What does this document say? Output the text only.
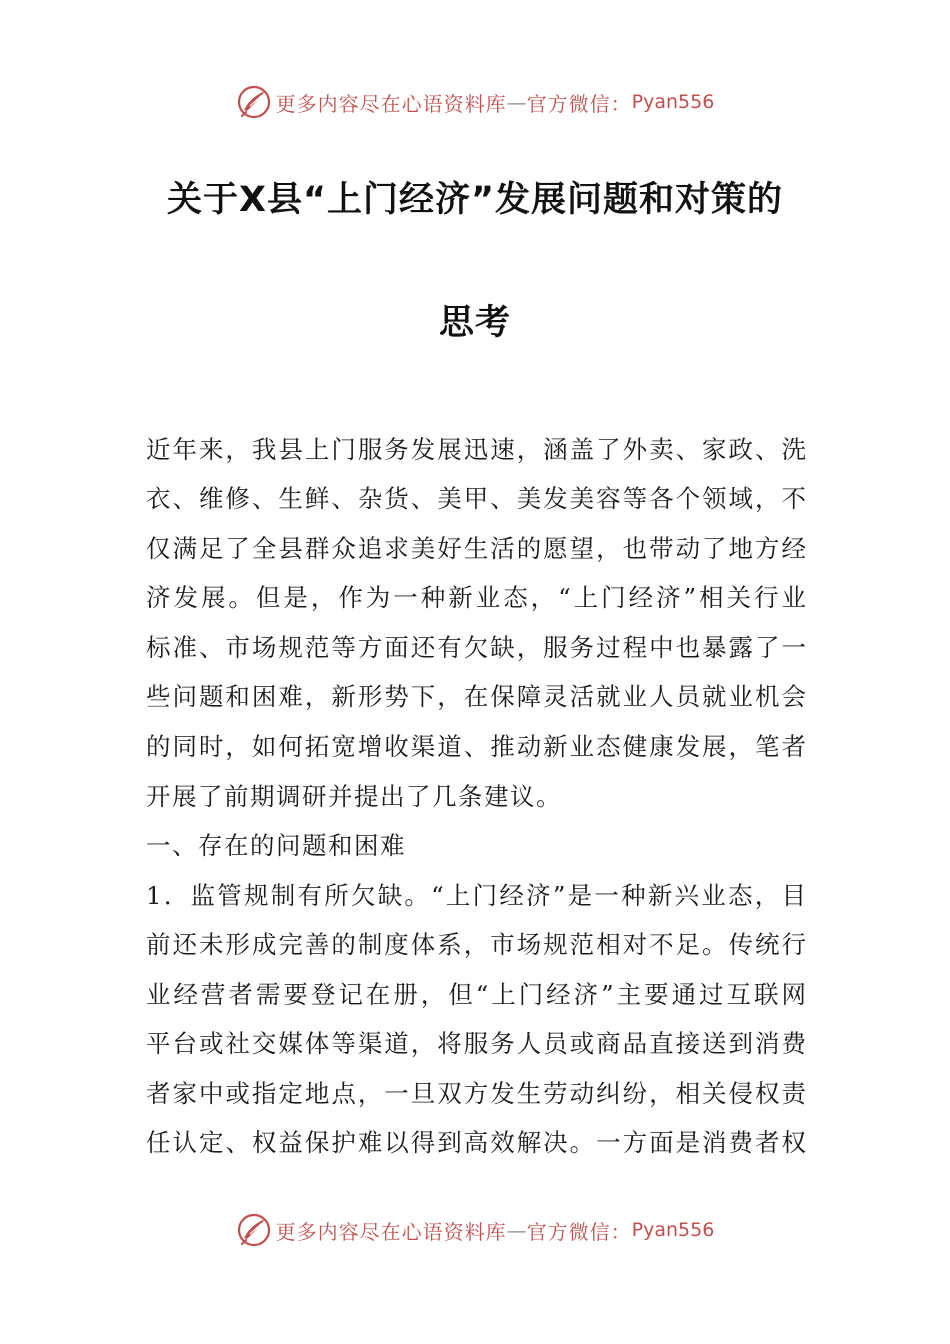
更多内容尽在心语资料库 — 官方微信： Pyan556
关于X县“上门经济”发展问题和对策的
思考
近年来，我县上门服务发展迅速，涵盖了外卖、家政、洗
衣、维修、生鲜、杂货、美甲、美发美容等各个领域，不
仅满足了全县群众追求美好生活的愿望，也带动了地方经
济发展。但是，作为一种新业态，“上门经济”相关行业
标准、市场规范等方面还有欠缺，服务过程中也暴露了一
些问题和困难，新形势下，在保障灵活就业人员就业机会
的同时，如何拓宽增收渠道、推动新业态健康发展，笔者
开展了前期调研并提出了几条建议。
一、存在的问题和困难
1．监管规制有所欠缺。“上门经济”是一种新兴业态，目
前还未形成完善的制度体系，市场规范相对不足。传统行
业经营者需要登记在册，但“上门经济”主要通过互联网
平台或社交媒体等渠道，将服务人员或商品直接送到消费
者家中或指定地点，一旦双方发生劳动纠纷，相关侵权责
任认定、权益保护难以得到高效解决。一方面是消费者权
更多内容尽在心语资料库 — 官方微信： Pyan556
